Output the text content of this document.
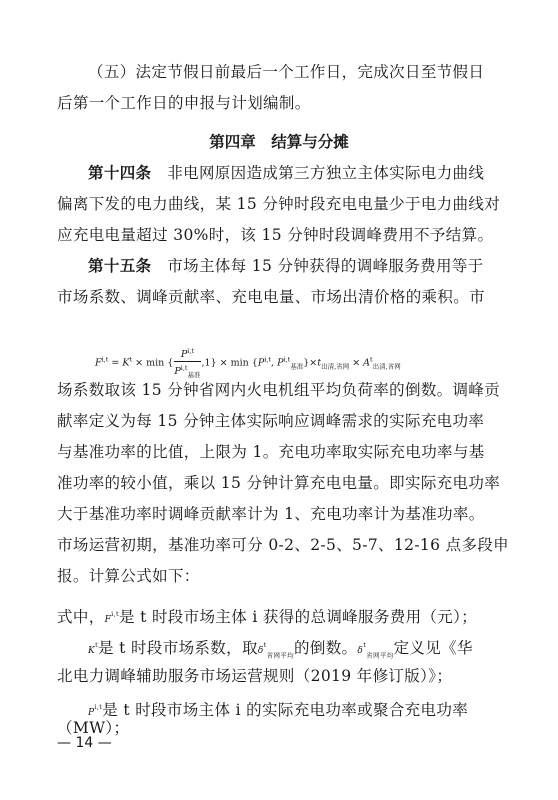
（五）法定节假日前最后一个工作日，完成次日至节假日
后第一个工作日的申报与计划编制。
第四章　结算与分摊
第十四条　非电网原因造成第三方独立主体实际电力曲线
偏离下发的电力曲线，某 15 分钟时段充电电量少于电力曲线对
应充电电量超过 30%时，该 15 分钟时段调峰费用不予结算。
第十五条　市场主体每 15 分钟获得的调峰服务费用等于
市场系数、调峰贡献率、充电电量、市场出清价格的乘积。市
$F^{i,t} = K^t \times \min$ { $\frac{P^{i,t}}{P^{i,t}_{基准}} ,1\} \times \min \{P^{i,t}$, $P^{i,t}_{基准}\}\times t_{出清,省网} \times A^t_{出清,省网}$
场系数取该 15 分钟省网内火电机组平均负荷率的倒数。调峰贡
献率定义为每 15 分钟主体实际响应调峰需求的实际充电功率
与基准功率的比值，上限为 1。充电功率取实际充电功率与基
准功率的较小值，乘以 15 分钟计算充电电量。即实际充电功率
大于基准功率时调峰贡献率计为 1、充电功率计为基准功率。
市场运营初期，基准功率可分 0-2、2-5、5-7、12-16 点多段申
报。计算公式如下：
式中，F$^{i,t}$是 t 时段市场主体 i 获得的总调峰服务费用（元）；
$K^t$是 t 时段市场系数，取$\delta^t_{省网平均}$的倒数。$\delta^t_{省网平均}$定义见《华
北电力调峰辅助服务市场运营规则（2019 年修订版）》；
P$^{i,t}$是 t 时段市场主体 i 的实际充电功率或聚合充电功率
（MW）；
— 14 —
